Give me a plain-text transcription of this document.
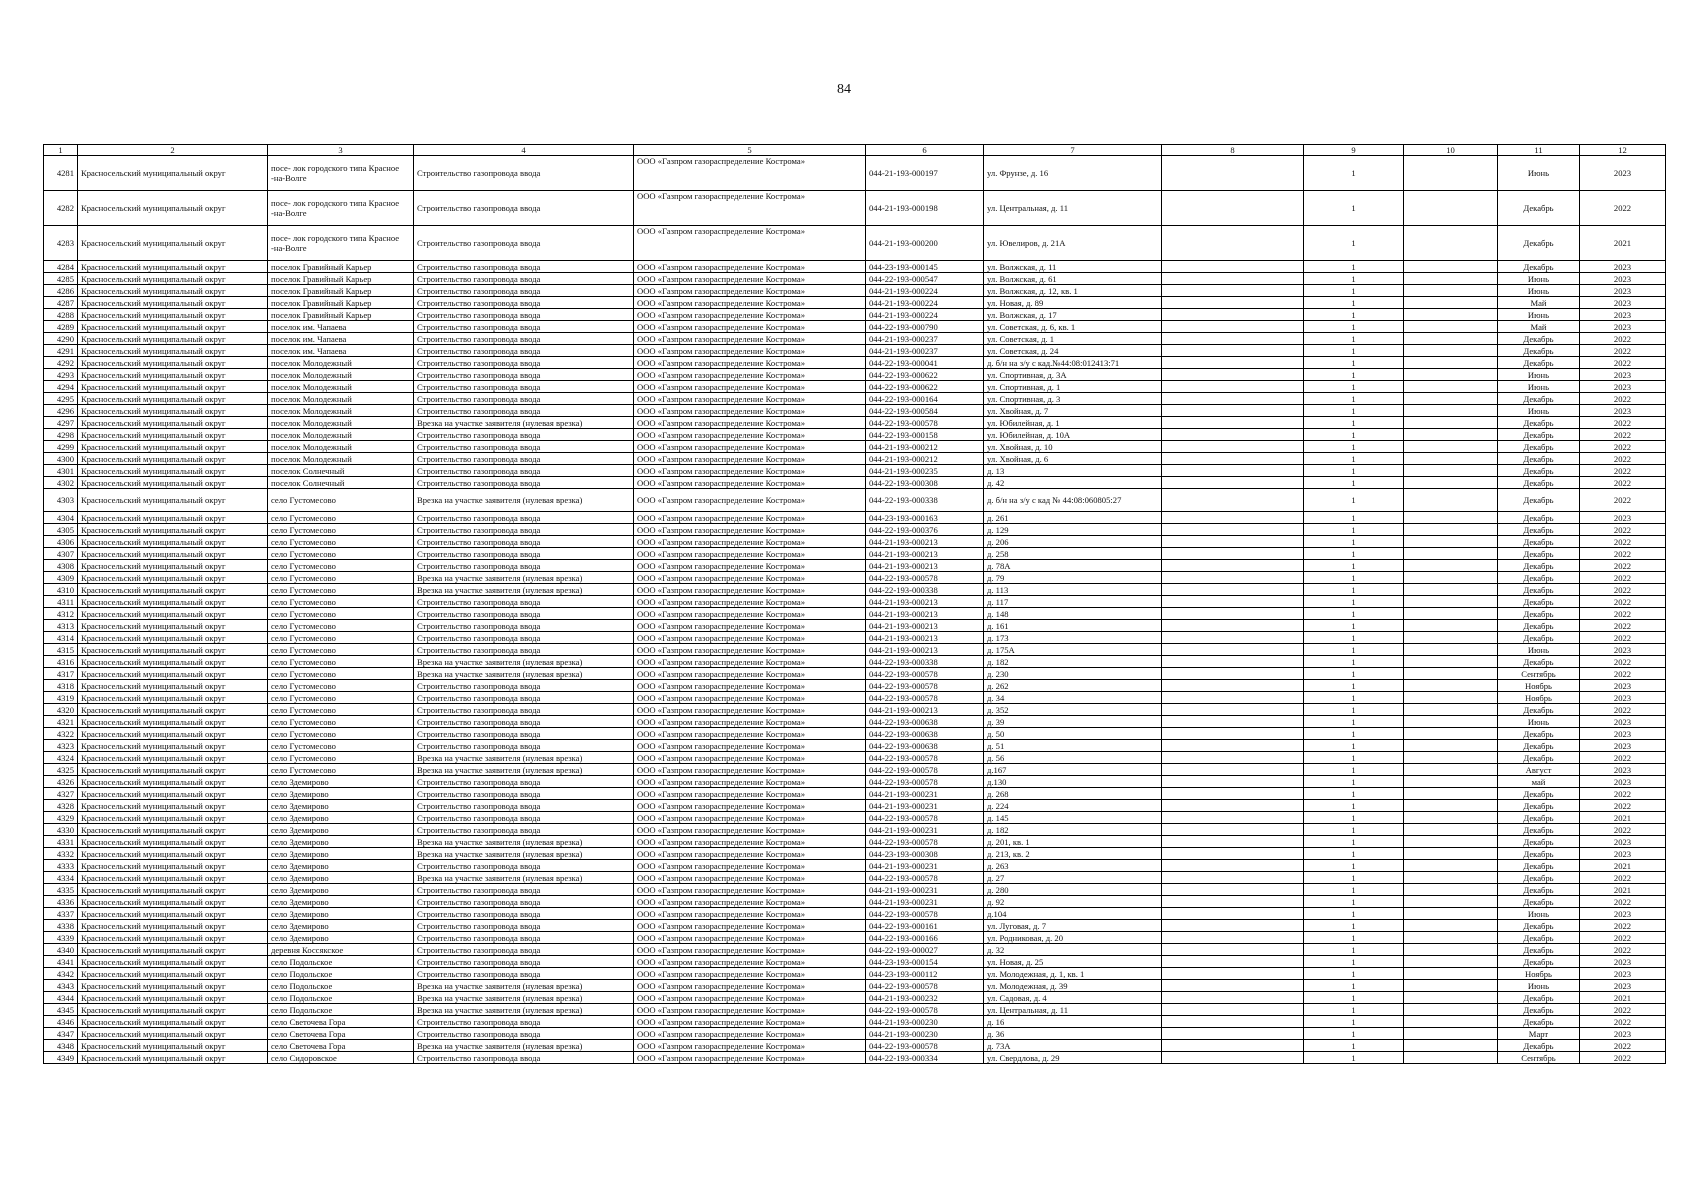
84
1	2	3	4	5	6	7	8	9	10	11	12
4281	Красносельский муниципальный округ	посе- лок городского типа Красное -на-Волге	Строительство газопровода ввода	ООО «Газпром газораспределение Кострома»	044-21-193-000197	ул. Фрунзе, д. 16		1		Июнь	2023
4282	Красносельский муниципальный округ	посе- лок городского типа Красное -на-Волге	Строительство газопровода ввода	ООО «Газпром газораспределение Кострома»	044-21-193-000198	ул. Центральная, д. 11		1		Декабрь	2022
4283	Красносельский муниципальный округ	посе- лок городского типа Красное -на-Волге	Строительство газопровода ввода	ООО «Газпром газораспределение Кострома»	044-21-193-000200	ул. Ювелиров, д. 21А		1		Декабрь	2021
4284	Красносельский муниципальный округ	поселок Гравийный Карьер	Строительство газопровода ввода	ООО «Газпром газораспределение Кострома»	044-23-193-000145	ул. Волжская, д. 11		1		Декабрь	2023
4285	Красносельский муниципальный округ	поселок Гравийный Карьер	Строительство газопровода ввода	ООО «Газпром газораспределение Кострома»	044-22-193-000547	ул. Волжская, д. 61		1		Июнь	2023
4286	Красносельский муниципальный округ	поселок Гравийный Карьер	Строительство газопровода ввода	ООО «Газпром газораспределение Кострома»	044-21-193-000224	ул. Волжская, д. 12, кв. 1		1		Июнь	2023
4287	Красносельский муниципальный округ	поселок Гравийный Карьер	Строительство газопровода ввода	ООО «Газпром газораспределение Кострома»	044-21-193-000224	ул. Новая, д. 89		1		Май	2023
4288	Красносельский муниципальный округ	поселок Гравийный Карьер	Строительство газопровода ввода	ООО «Газпром газораспределение Кострома»	044-21-193-000224	ул. Волжская, д. 17		1		Июнь	2023
4289	Красносельский муниципальный округ	поселок им. Чапаева	Строительство газопровода ввода	ООО «Газпром газораспределение Кострома»	044-22-193-000790	ул. Советская, д. 6, кв. 1		1		Май	2023
4290	Красносельский муниципальный округ	поселок им. Чапаева	Строительство газопровода ввода	ООО «Газпром газораспределение Кострома»	044-21-193-000237	ул. Советская, д. 1		1		Декабрь	2022
4291	Красносельский муниципальный округ	поселок им. Чапаева	Строительство газопровода ввода	ООО «Газпром газораспределение Кострома»	044-21-193-000237	ул. Советская, д. 24		1		Декабрь	2022
4292	Красносельский муниципальный округ	поселок Молодежный	Строительство газопровода ввода	ООО «Газпром газораспределение Кострома»	044-22-193-000041	д. б/н на з/у с кад.№44:08:012413:71		1		Декабрь	2022
4293	Красносельский муниципальный округ	поселок Молодежный	Строительство газопровода ввода	ООО «Газпром газораспределение Кострома»	044-22-193-000622	ул. Спортивная, д. 3А		1		Июнь	2023
4294	Красносельский муниципальный округ	поселок Молодежный	Строительство газопровода ввода	ООО «Газпром газораспределение Кострома»	044-22-193-000622	ул. Спортивная, д. 1		1		Июнь	2023
4295	Красносельский муниципальный округ	поселок Молодежный	Строительство газопровода ввода	ООО «Газпром газораспределение Кострома»	044-22-193-000164	ул. Спортивная, д. 3		1		Декабрь	2022
4296	Красносельский муниципальный округ	поселок Молодежный	Строительство газопровода ввода	ООО «Газпром газораспределение Кострома»	044-22-193-000584	ул. Хвойная, д. 7		1		Июнь	2023
4297	Красносельский муниципальный округ	поселок Молодежный	Врезка на участке заявителя (нулевая врезка)	ООО «Газпром газораспределение Кострома»	044-22-193-000578	ул. Юбилейная, д. 1		1		Декабрь	2022
4298	Красносельский муниципальный округ	поселок Молодежный	Строительство газопровода ввода	ООО «Газпром газораспределение Кострома»	044-22-193-000158	ул. Юбилейная, д. 10А		1		Декабрь	2022
4299	Красносельский муниципальный округ	поселок Молодежный	Строительство газопровода ввода	ООО «Газпром газораспределение Кострома»	044-21-193-000212	ул. Хвойная, д. 10		1		Декабрь	2022
4300	Красносельский муниципальный округ	поселок Молодежный	Строительство газопровода ввода	ООО «Газпром газораспределение Кострома»	044-21-193-000212	ул. Хвойная, д. 6		1		Декабрь	2022
4301	Красносельский муниципальный округ	поселок Солнечный	Строительство газопровода ввода	ООО «Газпром газораспределение Кострома»	044-21-193-000235	д. 13		1		Декабрь	2022
4302	Красносельский муниципальный округ	поселок Солнечный	Строительство газопровода ввода	ООО «Газпром газораспределение Кострома»	044-22-193-000308	д. 42		1		Декабрь	2022
4303	Красносельский муниципальный округ	село Густомесово	Врезка на участке заявителя (нулевая врезка)	ООО «Газпром газораспределение Кострома»	044-22-193-000338	д. б/н на з/у с кад № 44:08:060805:27		1		Декабрь	2022
4304	Красносельский муниципальный округ	село Густомесово	Строительство газопровода ввода	ООО «Газпром газораспределение Кострома»	044-23-193-000163	д. 261		1		Декабрь	2023
4305	Красносельский муниципальный округ	село Густомесово	Строительство газопровода ввода	ООО «Газпром газораспределение Кострома»	044-22-193-000376	д. 129		1		Декабрь	2022
4306	Красносельский муниципальный округ	село Густомесово	Строительство газопровода ввода	ООО «Газпром газораспределение Кострома»	044-21-193-000213	д. 206		1		Декабрь	2022
4307	Красносельский муниципальный округ	село Густомесово	Строительство газопровода ввода	ООО «Газпром газораспределение Кострома»	044-21-193-000213	д. 258		1		Декабрь	2022
4308	Красносельский муниципальный округ	село Густомесово	Строительство газопровода ввода	ООО «Газпром газораспределение Кострома»	044-21-193-000213	д. 78А		1		Декабрь	2022
4309	Красносельский муниципальный округ	село Густомесово	Врезка на участке заявителя (нулевая врезка)	ООО «Газпром газораспределение Кострома»	044-22-193-000578	д. 79		1		Декабрь	2022
4310	Красносельский муниципальный округ	село Густомесово	Врезка на участке заявителя (нулевая врезка)	ООО «Газпром газораспределение Кострома»	044-22-193-000338	д. 113		1		Декабрь	2022
4311	Красносельский муниципальный округ	село Густомесово	Строительство газопровода ввода	ООО «Газпром газораспределение Кострома»	044-21-193-000213	д. 117		1		Декабрь	2022
4312	Красносельский муниципальный округ	село Густомесово	Строительство газопровода ввода	ООО «Газпром газораспределение Кострома»	044-21-193-000213	д. 148		1		Декабрь	2022
4313	Красносельский муниципальный округ	село Густомесово	Строительство газопровода ввода	ООО «Газпром газораспределение Кострома»	044-21-193-000213	д. 161		1		Декабрь	2022
4314	Красносельский муниципальный округ	село Густомесово	Строительство газопровода ввода	ООО «Газпром газораспределение Кострома»	044-21-193-000213	д. 173		1		Декабрь	2022
4315	Красносельский муниципальный округ	село Густомесово	Строительство газопровода ввода	ООО «Газпром газораспределение Кострома»	044-21-193-000213	д. 175А		1		Июнь	2023
4316	Красносельский муниципальный округ	село Густомесово	Врезка на участке заявителя (нулевая врезка)	ООО «Газпром газораспределение Кострома»	044-22-193-000338	д. 182		1		Декабрь	2022
4317	Красносельский муниципальный округ	село Густомесово	Врезка на участке заявителя (нулевая врезка)	ООО «Газпром газораспределение Кострома»	044-22-193-000578	д. 230		1		Сентябрь	2022
4318	Красносельский муниципальный округ	село Густомесово	Строительство газопровода ввода	ООО «Газпром газораспределение Кострома»	044-22-193-000578	д. 262		1		Ноябрь	2023
4319	Красносельский муниципальный округ	село Густомесово	Строительство газопровода ввода	ООО «Газпром газораспределение Кострома»	044-22-193-000578	д. 34		1		Ноябрь	2023
4320	Красносельский муниципальный округ	село Густомесово	Строительство газопровода ввода	ООО «Газпром газораспределение Кострома»	044-21-193-000213	д. 352		1		Декабрь	2022
4321	Красносельский муниципальный округ	село Густомесово	Строительство газопровода ввода	ООО «Газпром газораспределение Кострома»	044-22-193-000638	д. 39		1		Июнь	2023
4322	Красносельский муниципальный округ	село Густомесово	Строительство газопровода ввода	ООО «Газпром газораспределение Кострома»	044-22-193-000638	д. 50		1		Декабрь	2023
4323	Красносельский муниципальный округ	село Густомесово	Строительство газопровода ввода	ООО «Газпром газораспределение Кострома»	044-22-193-000638	д. 51		1		Декабрь	2023
4324	Красносельский муниципальный округ	село Густомесово	Врезка на участке заявителя (нулевая врезка)	ООО «Газпром газораспределение Кострома»	044-22-193-000578	д. 56		1		Декабрь	2022
4325	Красносельский муниципальный округ	село Густомесово	Врезка на участке заявителя (нулевая врезка)	ООО «Газпром газораспределение Кострома»	044-22-193-000578	д.167		1		Август	2023
4326	Красносельский муниципальный округ	село Здемирово	Строительство газопровода ввода	ООО «Газпром газораспределение Кострома»	044-22-193-000578	д.130		1		май	2023
4327	Красносельский муниципальный округ	село Здемирово	Строительство газопровода ввода	ООО «Газпром газораспределение Кострома»	044-21-193-000231	д. 268		1		Декабрь	2022
4328	Красносельский муниципальный округ	село Здемирово	Строительство газопровода ввода	ООО «Газпром газораспределение Кострома»	044-21-193-000231	д. 224		1		Декабрь	2022
4329	Красносельский муниципальный округ	село Здемирово	Строительство газопровода ввода	ООО «Газпром газораспределение Кострома»	044-22-193-000578	д. 145		1		Декабрь	2021
4330	Красносельский муниципальный округ	село Здемирово	Строительство газопровода ввода	ООО «Газпром газораспределение Кострома»	044-21-193-000231	д. 182		1		Декабрь	2022
4331	Красносельский муниципальный округ	село Здемирово	Врезка на участке заявителя (нулевая врезка)	ООО «Газпром газораспределение Кострома»	044-22-193-000578	д. 201, кв. 1		1		Декабрь	2023
4332	Красносельский муниципальный округ	село Здемирово	Врезка на участке заявителя (нулевая врезка)	ООО «Газпром газораспределение Кострома»	044-23-193-000308	д. 213, кв. 2		1		Декабрь	2023
4333	Красносельский муниципальный округ	село Здемирово	Строительство газопровода ввода	ООО «Газпром газораспределение Кострома»	044-21-193-000231	д. 263		1		Декабрь	2021
4334	Красносельский муниципальный округ	село Здемирово	Врезка на участке заявителя (нулевая врезка)	ООО «Газпром газораспределение Кострома»	044-22-193-000578	д. 27		1		Декабрь	2022
4335	Красносельский муниципальный округ	село Здемирово	Строительство газопровода ввода	ООО «Газпром газораспределение Кострома»	044-21-193-000231	д. 280		1		Декабрь	2021
4336	Красносельский муниципальный округ	село Здемирово	Строительство газопровода ввода	ООО «Газпром газораспределение Кострома»	044-21-193-000231	д. 92		1		Декабрь	2022
4337	Красносельский муниципальный округ	село Здемирово	Строительство газопровода ввода	ООО «Газпром газораспределение Кострома»	044-22-193-000578	д.104		1		Июнь	2023
4338	Красносельский муниципальный округ	село Здемирово	Строительство газопровода ввода	ООО «Газпром газораспределение Кострома»	044-22-193-000161	ул. Луговая, д. 7		1		Декабрь	2022
4339	Красносельский муниципальный округ	село Здемирово	Строительство газопровода ввода	ООО «Газпром газораспределение Кострома»	044-22-193-000166	ул. Родниковая, д. 20		1		Декабрь	2022
4340	Красносельский муниципальный округ	деревня Коссякское	Строительство газопровода ввода	ООО «Газпром газораспределение Кострома»	044-22-193-000027	д. 32		1		Декабрь	2022
4341	Красносельский муниципальный округ	село Подольское	Строительство газопровода ввода	ООО «Газпром газораспределение Кострома»	044-23-193-000154	ул. Новая, д. 25		1		Декабрь	2023
4342	Красносельский муниципальный округ	село Подольское	Строительство газопровода ввода	ООО «Газпром газораспределение Кострома»	044-23-193-000112	ул. Молодежная, д. 1, кв. 1		1		Ноябрь	2023
4343	Красносельский муниципальный округ	село Подольское	Врезка на участке заявителя (нулевая врезка)	ООО «Газпром газораспределение Кострома»	044-22-193-000578	ул. Молодежная, д. 39		1		Июнь	2023
4344	Красносельский муниципальный округ	село Подольское	Врезка на участке заявителя (нулевая врезка)	ООО «Газпром газораспределение Кострома»	044-21-193-000232	ул. Садовая, д. 4		1		Декабрь	2021
4345	Красносельский муниципальный округ	село Подольское	Врезка на участке заявителя (нулевая врезка)	ООО «Газпром газораспределение Кострома»	044-22-193-000578	ул. Центральная, д. 11		1		Декабрь	2022
4346	Красносельский муниципальный округ	село Светочева Гора	Строительство газопровода ввода	ООО «Газпром газораспределение Кострома»	044-21-193-000230	д. 16		1		Декабрь	2022
4347	Красносельский муниципальный округ	село Светочева Гора	Строительство газопровода ввода	ООО «Газпром газораспределение Кострома»	044-21-193-000230	д. 36		1		Март	2023
4348	Красносельский муниципальный округ	село Светочева Гора	Врезка на участке заявителя (нулевая врезка)	ООО «Газпром газораспределение Кострома»	044-22-193-000578	д. 73А		1		Декабрь	2022
4349	Красносельский муниципальный округ	село Сидоровское	Строительство газопровода ввода	ООО «Газпром газораспределение Кострома»	044-22-193-000334	ул. Свердлова, д. 29		1		Сентябрь	2022
